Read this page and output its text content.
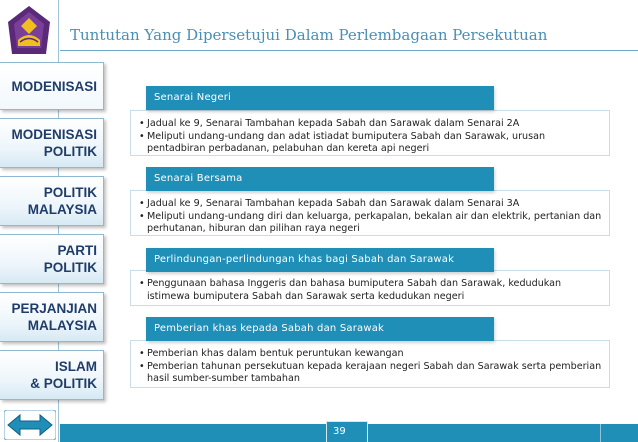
Tuntutan Yang Dipersetujui Dalam Perlembagaan Persekutuan
MODENISASI
MODENISASI
POLITIK
POLITIK
MALAYSIA
PARTI
POLITIK
PERJANJIAN
MALAYSIA
ISLAM
& POLITIK
• Jadual ke 9, Senarai Tambahan kepada Sabah dan Sarawak dalam Senarai 2A
• Meliputi undang-undang dan adat istiadat bumiputera Sabah dan Sarawak, urusan pentadbiran perbadanan, pelabuhan dan kereta api negeri
Senarai Negeri
• Jadual ke 9, Senarai Tambahan kepada Sabah dan Sarawak dalam Senarai 3A
• Meliputi undang-undang diri dan keluarga, perkapalan, bekalan air dan elektrik, pertanian dan perhutanan, hiburan dan pilihan raya negeri
Senarai Bersama
• Penggunaan bahasa Inggeris dan bahasa bumiputera Sabah dan Sarawak, kedudukan istimewa bumiputera Sabah dan Sarawak serta kedudukan negeri
Perlindungan-perlindungan khas bagi Sabah dan Sarawak
• Pemberian khas dalam bentuk peruntukan kewangan
• Pemberian tahunan persekutuan kepada kerajaan negeri Sabah dan Sarawak serta pemberian hasil sumber-sumber tambahan
Pemberian khas kepada Sabah dan Sarawak
39
